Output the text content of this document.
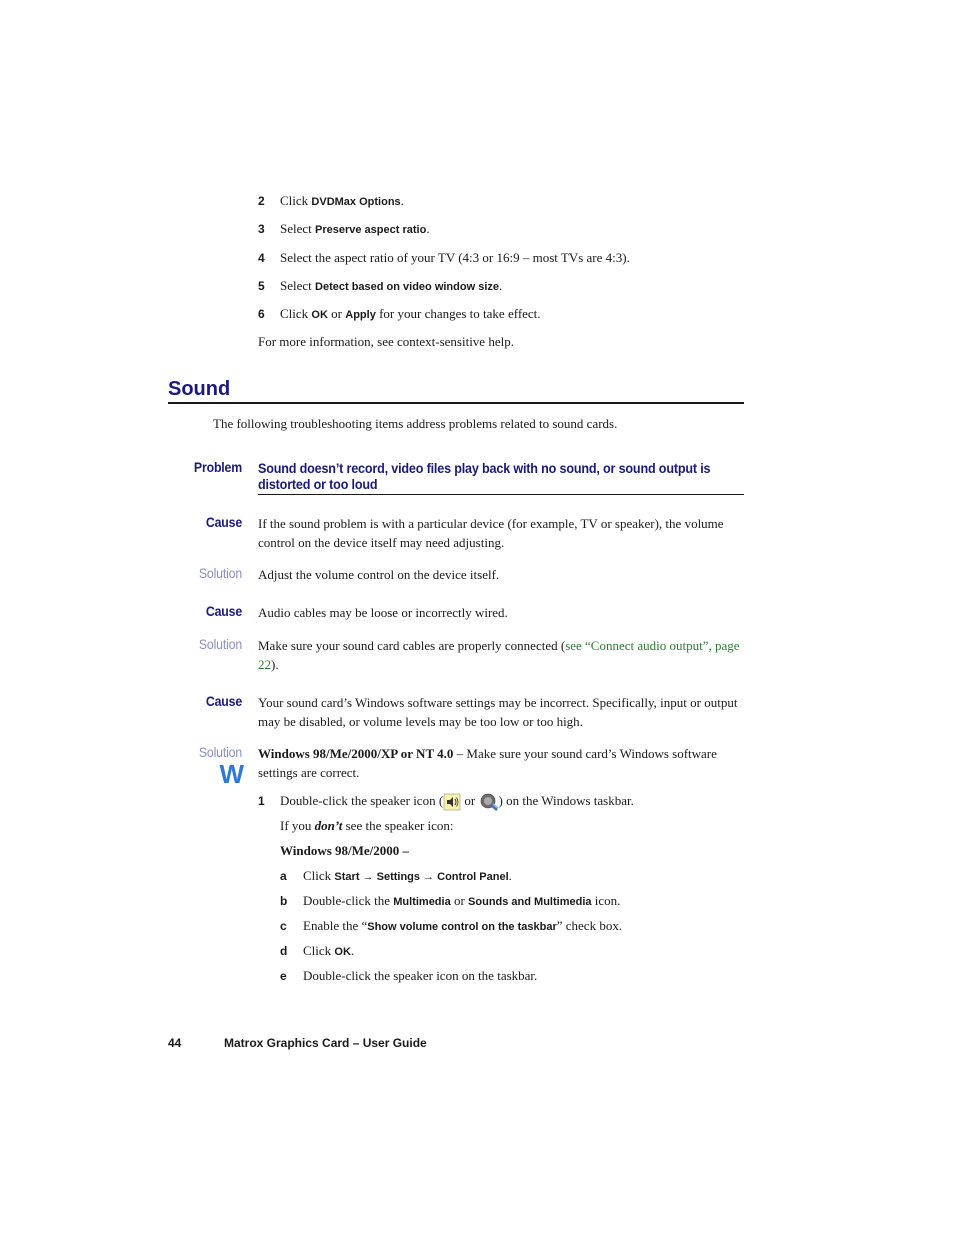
2 Click DVDMax Options.
3 Select Preserve aspect ratio.
4 Select the aspect ratio of your TV (4:3 or 16:9 – most TVs are 4:3).
5 Select Detect based on video window size.
6 Click OK or Apply for your changes to take effect.
For more information, see context-sensitive help.
Sound
The following troubleshooting items address problems related to sound cards.
Problem Sound doesn’t record, video files play back with no sound, or sound output is distorted or too loud
Cause If the sound problem is with a particular device (for example, TV or speaker), the volume control on the device itself may need adjusting.
Solution Adjust the volume control on the device itself.
Cause Audio cables may be loose or incorrectly wired.
Solution Make sure your sound card cables are properly connected (see “Connect audio output”, page 22).
Cause Your sound card’s Windows software settings may be incorrect. Specifically, input or output may be disabled, or volume levels may be too low or too high.
Solution
W
Windows 98/Me/2000/XP or NT 4.0 – Make sure your sound card’s Windows software settings are correct.
1 Double-click the speaker icon ( or ) on the Windows taskbar.
If you don’t see the speaker icon:
Windows 98/Me/2000 –
a Click Start → Settings → Control Panel.
b Double-click the Multimedia or Sounds and Multimedia icon.
c Enable the “Show volume control on the taskbar” check box.
d Click OK.
e Double-click the speaker icon on the taskbar.
44	Matrox Graphics Card – User Guide
